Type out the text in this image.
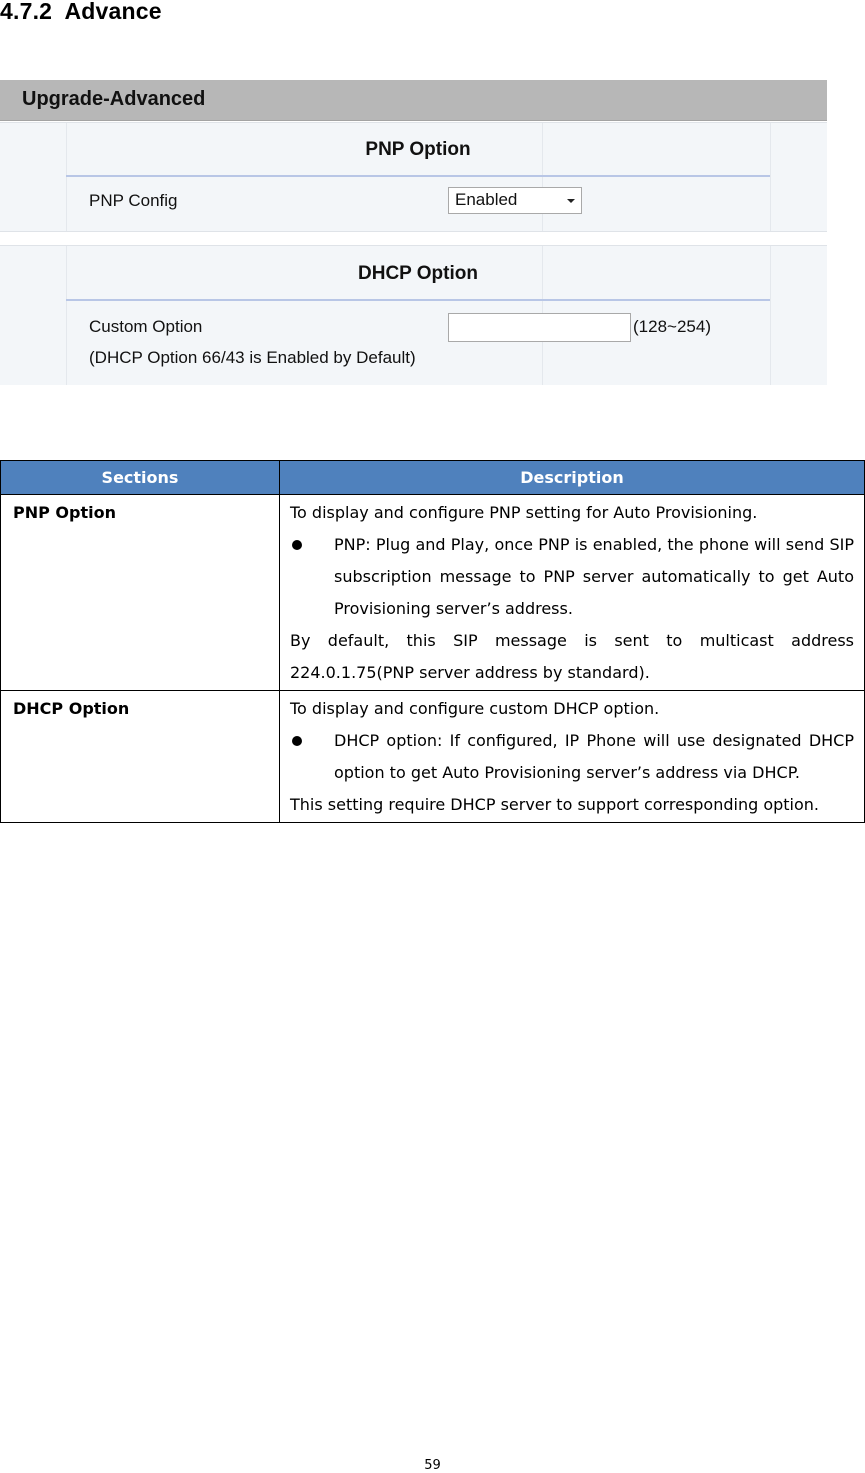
4.7.2  Advance
Upgrade-Advanced
PNP Option
PNP Config	Enabled
DHCP Option
Custom Option
(DHCP Option 66/43 is Enabled by Default)
(128~254)
Sections	Description
PNP Option	To display and configure PNP setting for Auto Provisioning.

PNP: Plug and Play, once PNP is enabled, the phone will send SIP subscription message to PNP server automatically to get Auto Provisioning server’s address.

By default, this SIP message is sent to multicast address 224.0.1.75(PNP server address by standard).

DHCP Option	To display and configure custom DHCP option.

DHCP option: If configured, IP Phone will use designated DHCP option to get Auto Provisioning server’s address via DHCP.

This setting require DHCP server to support corresponding option.

59
